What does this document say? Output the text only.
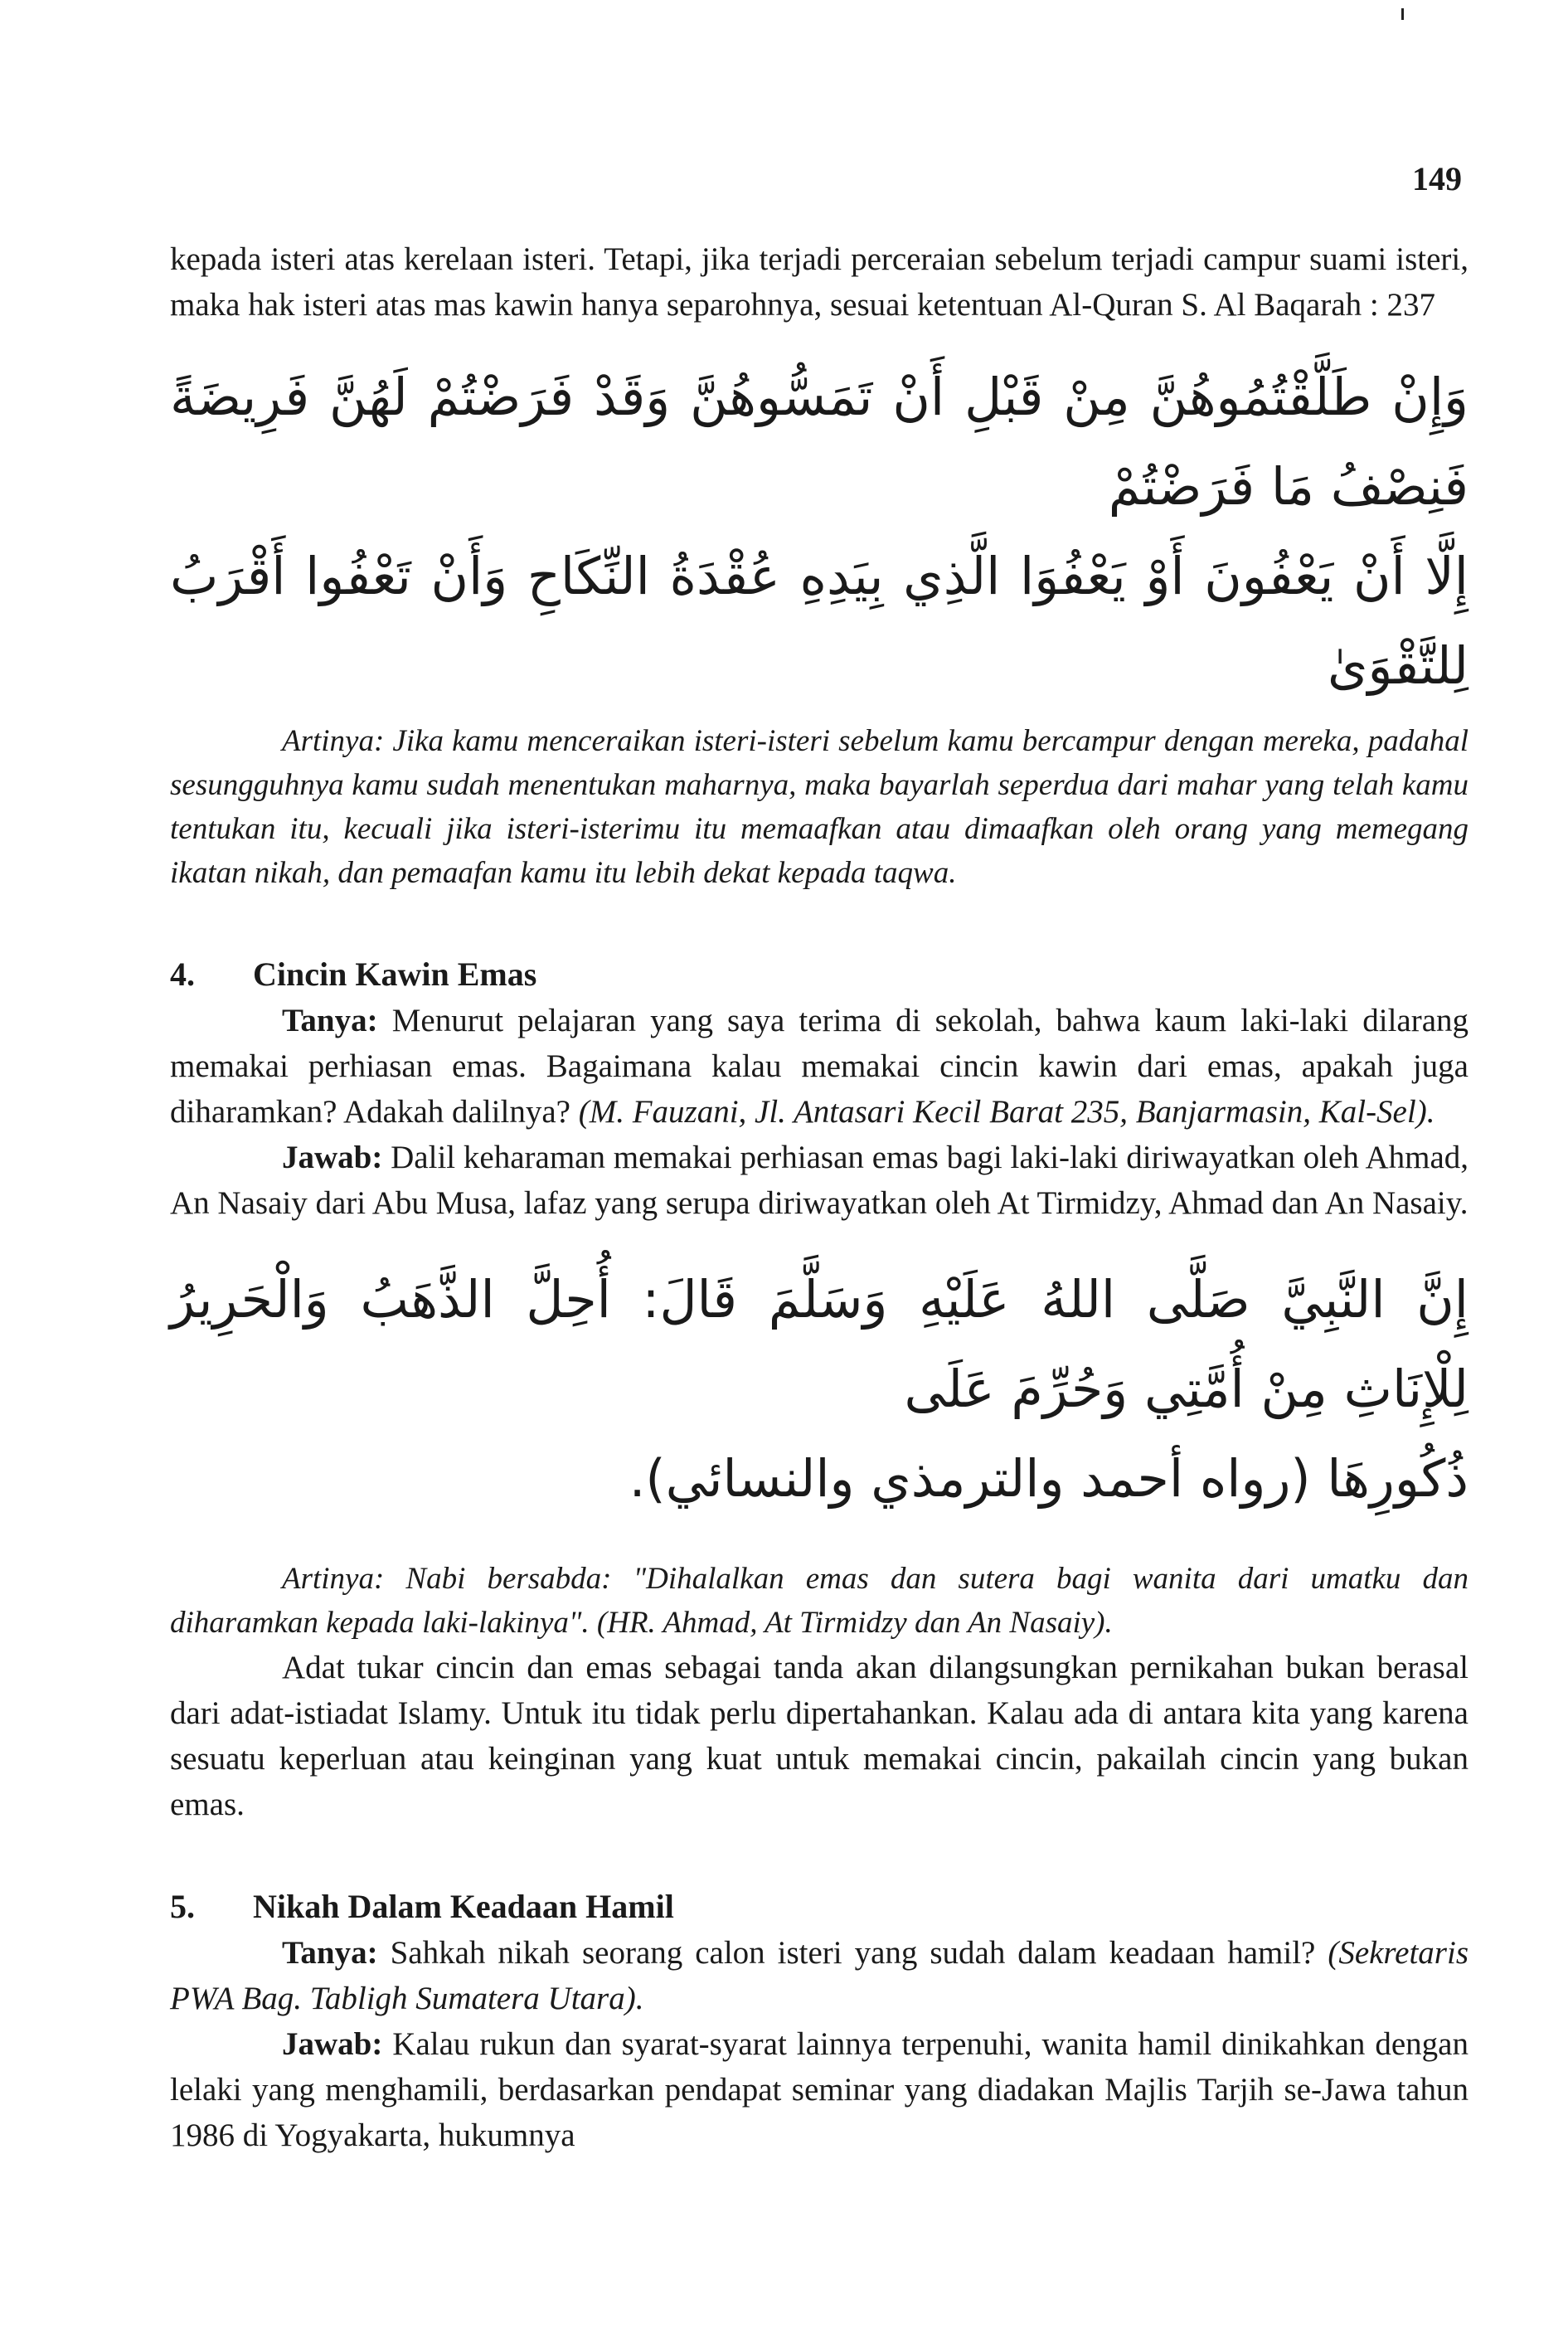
149

kepada isteri atas kerelaan isteri. Tetapi, jika terjadi perceraian sebelum terjadi campur suami isteri, maka hak isteri atas mas kawin hanya separohnya, sesuai ketentuan Al-Quran S. Al Baqarah : 237

وَإِنْ طَلَّقْتُمُوهُنَّ مِنْ قَبْلِ أَنْ تَمَسُّوهُنَّ وَقَدْ فَرَضْتُمْ لَهُنَّ فَرِيضَةً فَنِصْفُ مَا فَرَضْتُمْ
إِلَّا أَنْ يَعْفُونَ أَوْ يَعْفُوَا الَّذِي بِيَدِهِ عُقْدَةُ النِّكَاحِ وَأَنْ تَعْفُوا أَقْرَبُ لِلتَّقْوَىٰ

Artinya: Jika kamu menceraikan isteri-isteri sebelum kamu bercampur dengan mereka, padahal sesungguhnya kamu sudah menentukan maharnya, maka bayarlah seperdua dari mahar yang telah kamu tentukan itu, kecuali jika isteri-isterimu itu memaafkan atau dimaafkan oleh orang yang memegang ikatan nikah, dan pemaafan kamu itu lebih dekat kepada taqwa.

4. Cincin Kawin Emas

Tanya: Menurut pelajaran yang saya terima di sekolah, bahwa kaum laki-laki dilarang memakai perhiasan emas. Bagaimana kalau memakai cincin kawin dari emas, apakah juga diharamkan? Adakah dalilnya? (M. Fauzani, Jl. Antasari Kecil Barat 235, Banjarmasin, Kal-Sel).

Jawab: Dalil keharaman memakai perhiasan emas bagi laki-laki diriwayatkan oleh Ahmad, An Nasaiy dari Abu Musa, lafaz yang serupa diriwayatkan oleh At Tirmidzy, Ahmad dan An Nasaiy.

إِنَّ النَّبِيَّ صَلَّى اللهُ عَلَيْهِ وَسَلَّمَ قَالَ: أُحِلَّ الذَّهَبُ وَالْحَرِيرُ لِلْإِنَاثِ مِنْ أُمَّتِي وَحُرِّمَ عَلَى
ذُكُورِهَا (رواه أحمد والترمذي والنسائي).

Artinya: Nabi bersabda: "Dihalalkan emas dan sutera bagi wanita dari umatku dan diharamkan kepada laki-lakinya". (HR. Ahmad, At Tirmidzy dan An Nasaiy).

Adat tukar cincin dan emas sebagai tanda akan dilangsungkan pernikahan bukan berasal dari adat-istiadat Islamy. Untuk itu tidak perlu dipertahankan. Kalau ada di antara kita yang karena sesuatu keperluan atau keinginan yang kuat untuk memakai cincin, pakailah cincin yang bukan emas.

5. Nikah Dalam Keadaan Hamil

Tanya: Sahkah nikah seorang calon isteri yang sudah dalam keadaan hamil? (Sekretaris PWA Bag. Tabligh Sumatera Utara).

Jawab: Kalau rukun dan syarat-syarat lainnya terpenuhi, wanita hamil dinikahkan dengan lelaki yang menghamili, berdasarkan pendapat seminar yang diadakan Majlis Tarjih se-Jawa tahun 1986 di Yogyakarta, hukumnya
